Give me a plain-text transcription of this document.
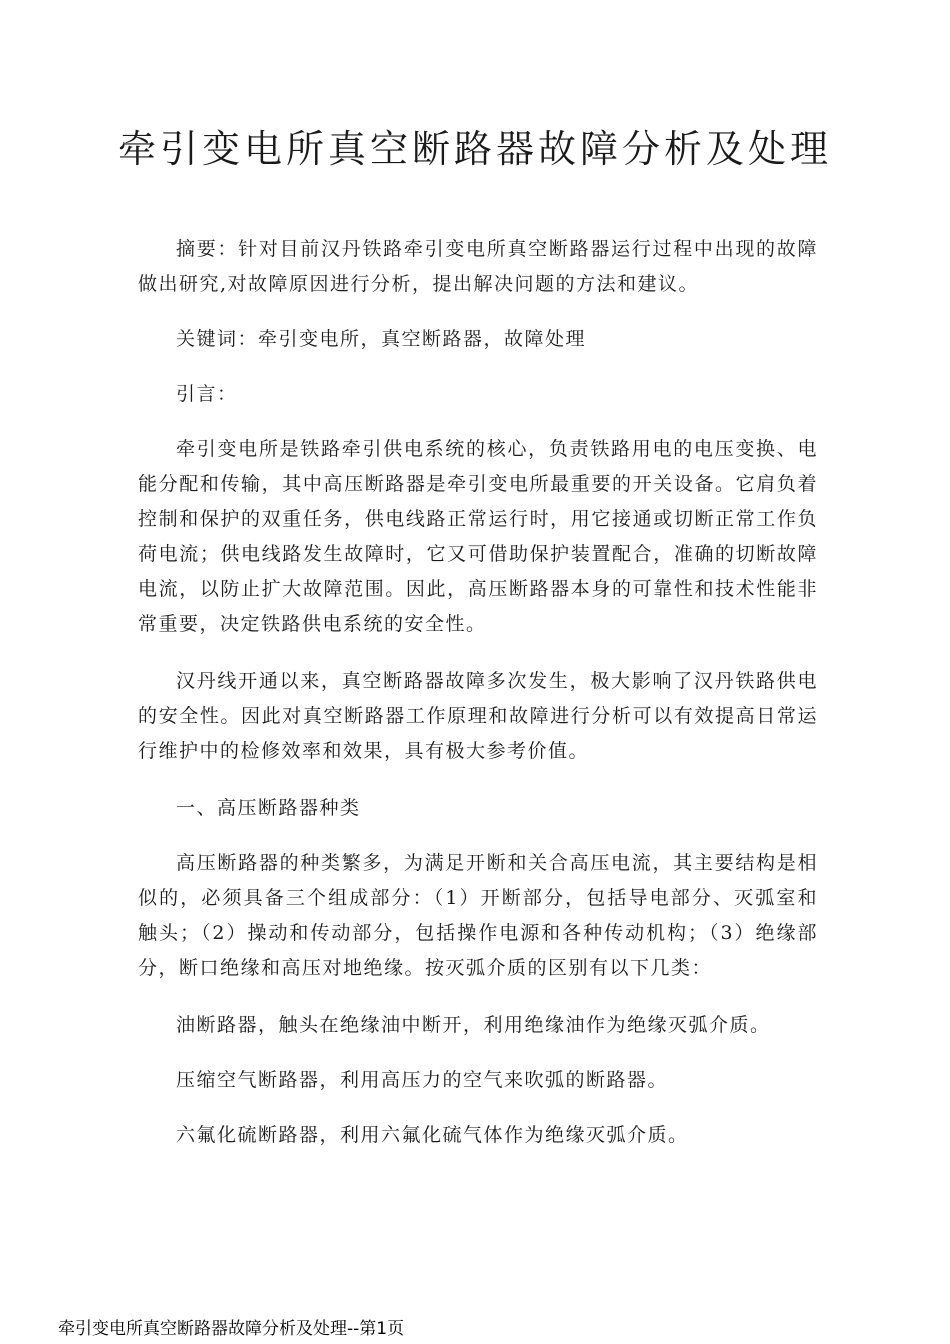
牵引变电所真空断路器故障分析及处理

摘要：针对目前汉丹铁路牵引变电所真空断路器运行过程中出现的故障做出研究,对故障原因进行分析，提出解决问题的方法和建议。

关键词：牵引变电所，真空断路器，故障处理

引言：

牵引变电所是铁路牵引供电系统的核心，负责铁路用电的电压变换、电能分配和传输，其中高压断路器是牵引变电所最重要的开关设备。它肩负着控制和保护的双重任务，供电线路正常运行时，用它接通或切断正常工作负荷电流；供电线路发生故障时，它又可借助保护装置配合，准确的切断故障电流，以防止扩大故障范围。因此，高压断路器本身的可靠性和技术性能非常重要，决定铁路供电系统的安全性。

汉丹线开通以来，真空断路器故障多次发生，极大影响了汉丹铁路供电的安全性。因此对真空断路器工作原理和故障进行分析可以有效提高日常运行维护中的检修效率和效果，具有极大参考价值。

一、高压断路器种类

高压断路器的种类繁多，为满足开断和关合高压电流，其主要结构是相似的，必须具备三个组成部分：（1）开断部分，包括导电部分、灭弧室和触头；（2）操动和传动部分，包括操作电源和各种传动机构；（3）绝缘部分，断口绝缘和高压对地绝缘。按灭弧介质的区别有以下几类：

油断路器，触头在绝缘油中断开，利用绝缘油作为绝缘灭弧介质。

压缩空气断路器，利用高压力的空气来吹弧的断路器。

六氟化硫断路器，利用六氟化硫气体作为绝缘灭弧介质。

牵引变电所真空断路器故障分析及处理--第1页
